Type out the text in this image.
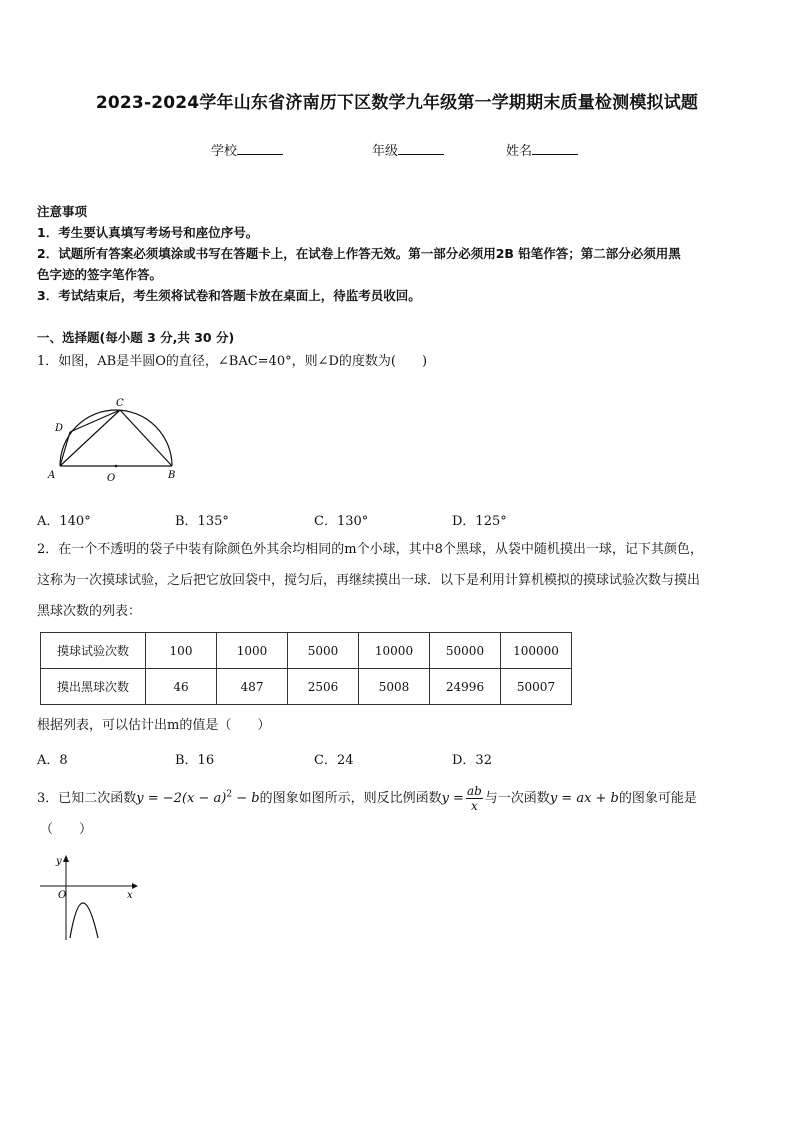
2023-2024学年山东省济南历下区数学九年级第一学期期末质量检测模拟试题
学校	年级	姓名
注意事项
1．考生要认真填写考场号和座位序号。
2．试题所有答案必须填涂或书写在答题卡上，在试卷上作答无效。第一部分必须用2B 铅笔作答；第二部分必须用黑
色字迹的签字笔作答。
3．考试结束后，考生须将试卷和答题卡放在桌面上，待监考员收回。
一、选择题(每小题 3 分,共 30 分)
1．如图，AB是半圆O的直径，∠BAC=40°，则∠D的度数为(　　)
A	B
C
D
O
A．140°	B．135°	C．130°	D．125°
2．在一个不透明的袋子中装有除颜色外其余均相同的m个小球，其中8个黑球，从袋中随机摸出一球，记下其颜色，
这称为一次摸球试验，之后把它放回袋中，搅匀后，再继续摸出一球．以下是利用计算机模拟的摸球试验次数与摸出
黑球次数的列表：
摸球试验次数	100	1000	5000	10000	50000	100000
摸出黑球次数	46	487	2506	5008	24996	50007
根据列表，可以估计出m的值是（　　）
A．8	B．16	C．24	D．32
3．已知二次函数$y = -2(x - a)^2 - b$的图象如图所示，则反比例函数$y = \frac{ab}{x}$ 与一次函数y = ax + b的图象可能是
（　　）
y
x
O
